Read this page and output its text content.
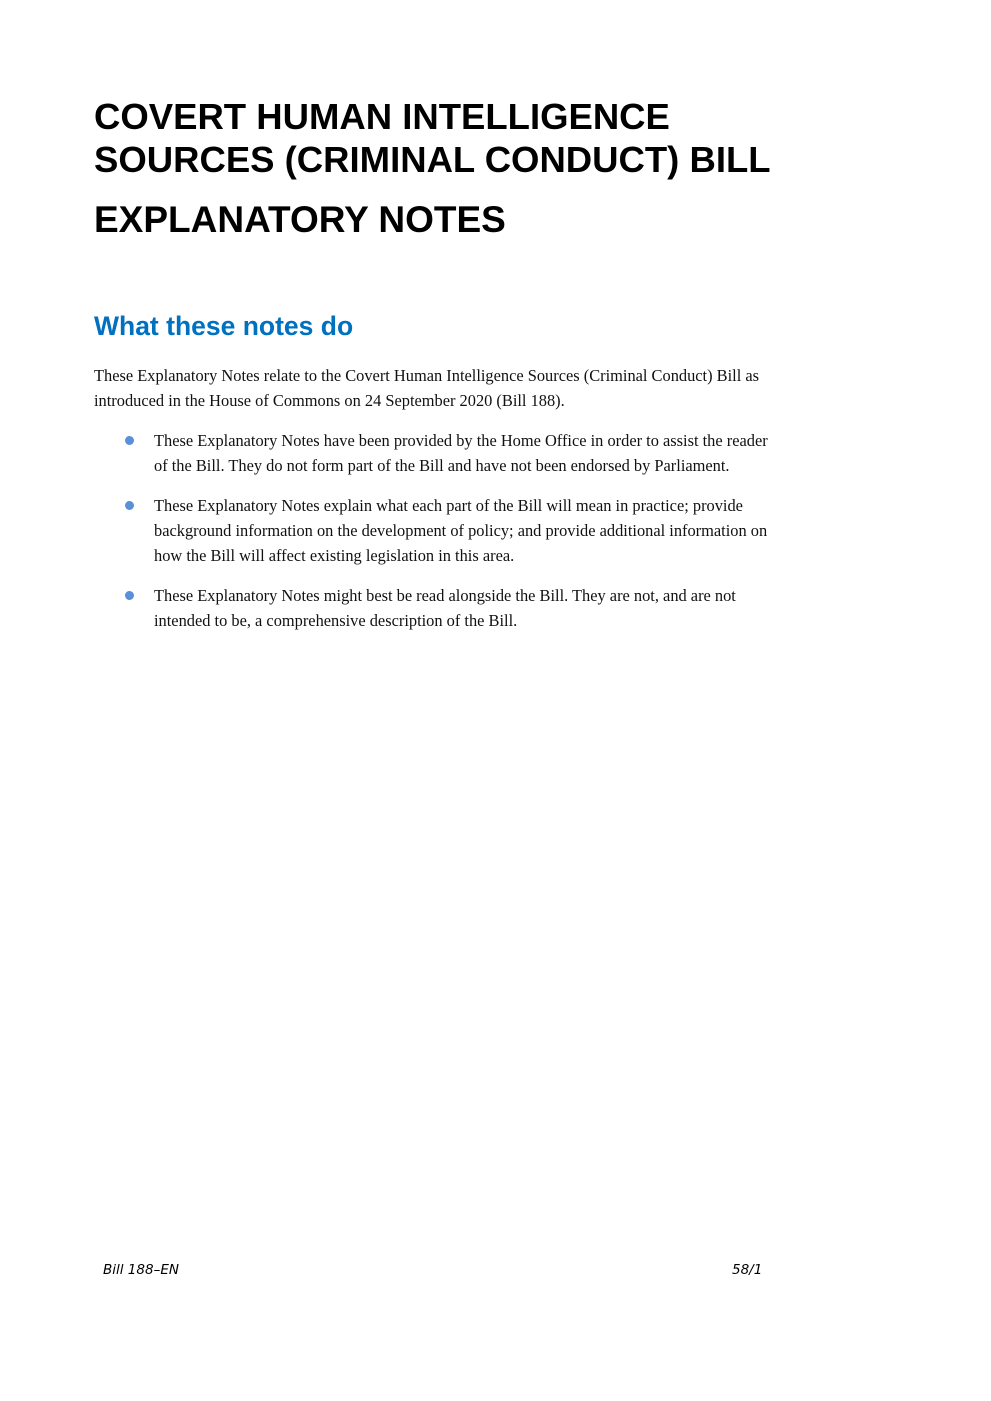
COVERT HUMAN INTELLIGENCE
SOURCES (CRIMINAL CONDUCT) BILL
EXPLANATORY NOTES
What these notes do
These Explanatory Notes relate to the Covert Human Intelligence Sources (Criminal Conduct) Bill as
introduced in the House of Commons on 24 September 2020 (Bill 188).
These Explanatory Notes have been provided by the Home Office in order to assist the reader
of the Bill. They do not form part of the Bill and have not been endorsed by Parliament.
These Explanatory Notes explain what each part of the Bill will mean in practice; provide
background information on the development of policy; and provide additional information on
how the Bill will affect existing legislation in this area.
These Explanatory Notes might best be read alongside the Bill. They are not, and are not
intended to be, a comprehensive description of the Bill.
Bill 188–EN	58/1
